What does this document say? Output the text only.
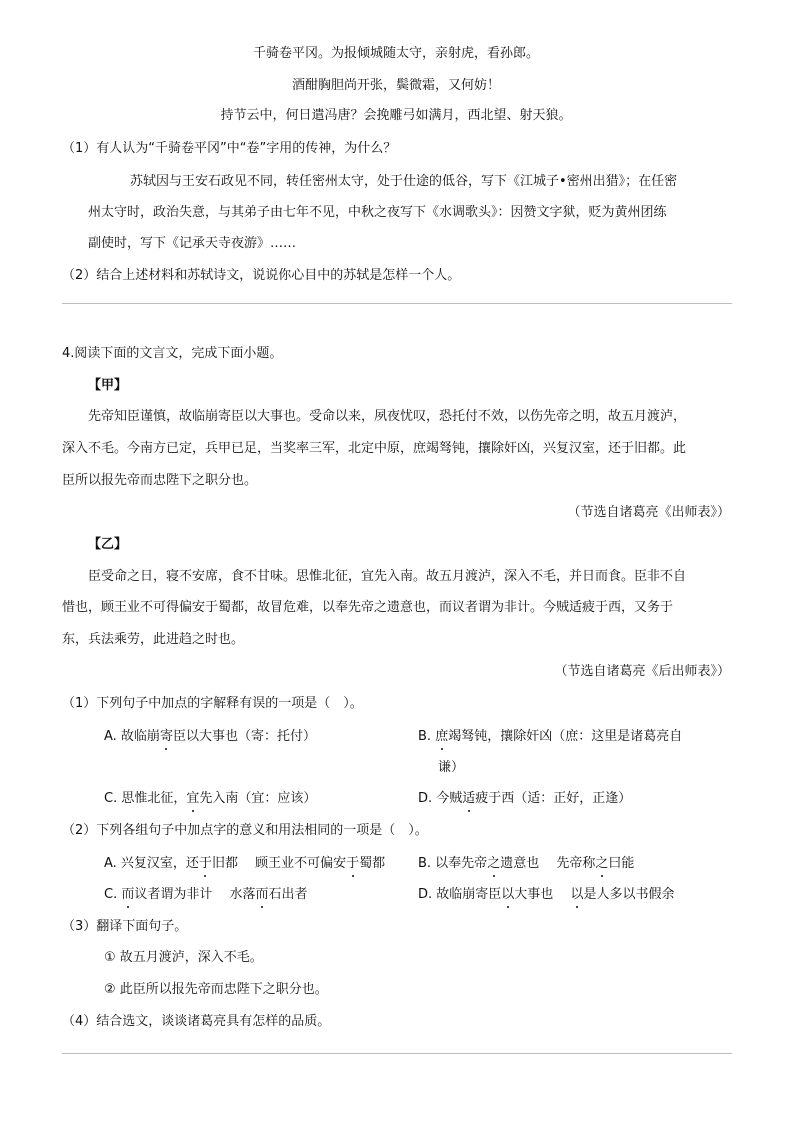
千骑卷平冈。为报倾城随太守，亲射虎，看孙郎。
酒酣胸胆尚开张，鬓微霜，又何妨！
持节云中，何日遣冯唐？会挽雕弓如满月，西北望、射天狼。
（1）有人认为“千骑卷平冈”中“卷”字用的传神，为什么？
苏轼因与王安石政见不同，转任密州太守，处于仕途的低谷，写下《江城子•密州出猎》；在任密
州太守时，政治失意，与其弟子由七年不见，中秋之夜写下《水调歌头》：因赞文字狱，贬为黄州团练
副使时，写下《记承天寺夜游》……
（2）结合上述材料和苏轼诗文，说说你心目中的苏轼是怎样一个人。
4.阅读下面的文言文，完成下面小题。
【甲】
先帝知臣谨慎，故临崩寄臣以大事也。受命以来，夙夜忧叹，恐托付不效，以伤先帝之明，故五月渡泸，
深入不毛。今南方已定，兵甲已足，当奖率三军，北定中原，庶竭驽钝，攘除奸凶，兴复汉室，还于旧都。此
臣所以报先帝而忠陛下之职分也。
（节选自诸葛亮《出师表》）
【乙】
臣受命之日，寝不安席，食不甘味。思惟北征，宜先入南。故五月渡泸，深入不毛，并日而食。臣非不自
惜也，顾王业不可得偏安于蜀都，故冒危难，以奉先帝之遗意也，而议者谓为非计。今贼适疲于西，又务于
东，兵法乘劳，此进趋之时也。
（节选自诸葛亮《后出师表》）
（1）下列句子中加点的字解释有误的一项是（　）。
A. 故临崩寄臣以大事也（寄：托付）	B. 庶竭驽钝，攘除奸凶（庶：这里是诸葛亮自
谦）
C. 思惟北征，宜先入南（宜：应该）	D. 今贼适疲于西（适：正好，正逢）
（2）下列各组句子中加点字的意义和用法相同的一项是（　）。
A. 兴复汉室，还于旧都　 顾王业不可偏安于蜀都	B. 以奉先帝之遗意也　 先帝称之曰能
C. 而议者谓为非计　 水落而石出者	D. 故临崩寄臣以大事也　 以是人多以书假余
（3）翻译下面句子。
① 故五月渡泸，深入不毛。
② 此臣所以报先帝而忠陛下之职分也。
（4）结合选文，谈谈诸葛亮具有怎样的品质。
